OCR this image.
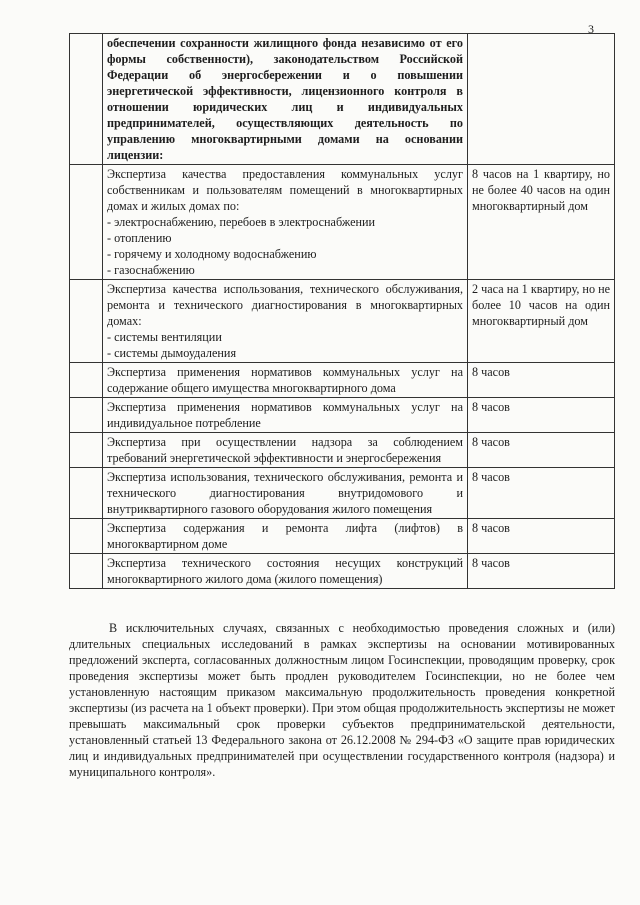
3
	обеспечении сохранности жилищного фонда независимо от его формы собственности), законодательством Российской Федерации об энергосбережении и о повышении энергетической эффективности, лицензионного контроля в отношении юридических лиц и индивидуальных предпринимателей, осуществляющих деятельность по управлению многоквартирными домами на основании лицензии:	
	Экспертиза качества предоставления коммунальных услуг собственникам и пользователям помещений в многоквартирных домах и жилых домах по:
- электроснабжению, перебоев в электроснабжении
- отоплению
- горячему и холодному водоснабжению
- газоснабжению	8 часов на 1 квартиру, но не более 40 часов на один многоквартирный дом
	Экспертиза качества использования, технического обслуживания, ремонта и технического диагностирования в многоквартирных домах:
- системы вентиляции
- системы дымоудаления	2 часа на 1 квартиру, но не более 10 часов на один многоквартирный дом
	Экспертиза применения нормативов коммунальных услуг на содержание общего имущества многоквартирного дома	8 часов
	Экспертиза применения нормативов коммунальных услуг на индивидуальное потребление	8 часов
	Экспертиза при осуществлении надзора за соблюдением требований энергетической эффективности и энергосбережения	8 часов
	Экспертиза использования, технического обслуживания, ремонта и технического диагностирования внутридомового и внутриквартирного газового оборудования жилого помещения	8 часов
	Экспертиза содержания и ремонта лифта (лифтов) в многоквартирном доме	8 часов
	Экспертиза технического состояния несущих конструкций многоквартирного жилого дома (жилого помещения)	8 часов

В исключительных случаях, связанных с необходимостью проведения сложных и (или) длительных специальных исследований в рамках экспертизы на основании мотивированных предложений эксперта, согласованных должностным лицом Госинспекции, проводящим проверку, срок проведения экспертизы может быть продлен руководителем Госинспекции, но не более чем установленную настоящим приказом максимальную продолжительность проведения конкретной экспертизы (из расчета на 1 объект проверки). При этом общая продолжительность экспертизы не может превышать максимальный срок проверки субъектов предпринимательской деятельности, установленный статьей 13 Федерального закона от 26.12.2008 № 294-ФЗ «О защите прав юридических лиц и индивидуальных предпринимателей при осуществлении государственного контроля (надзора) и муниципального контроля».
